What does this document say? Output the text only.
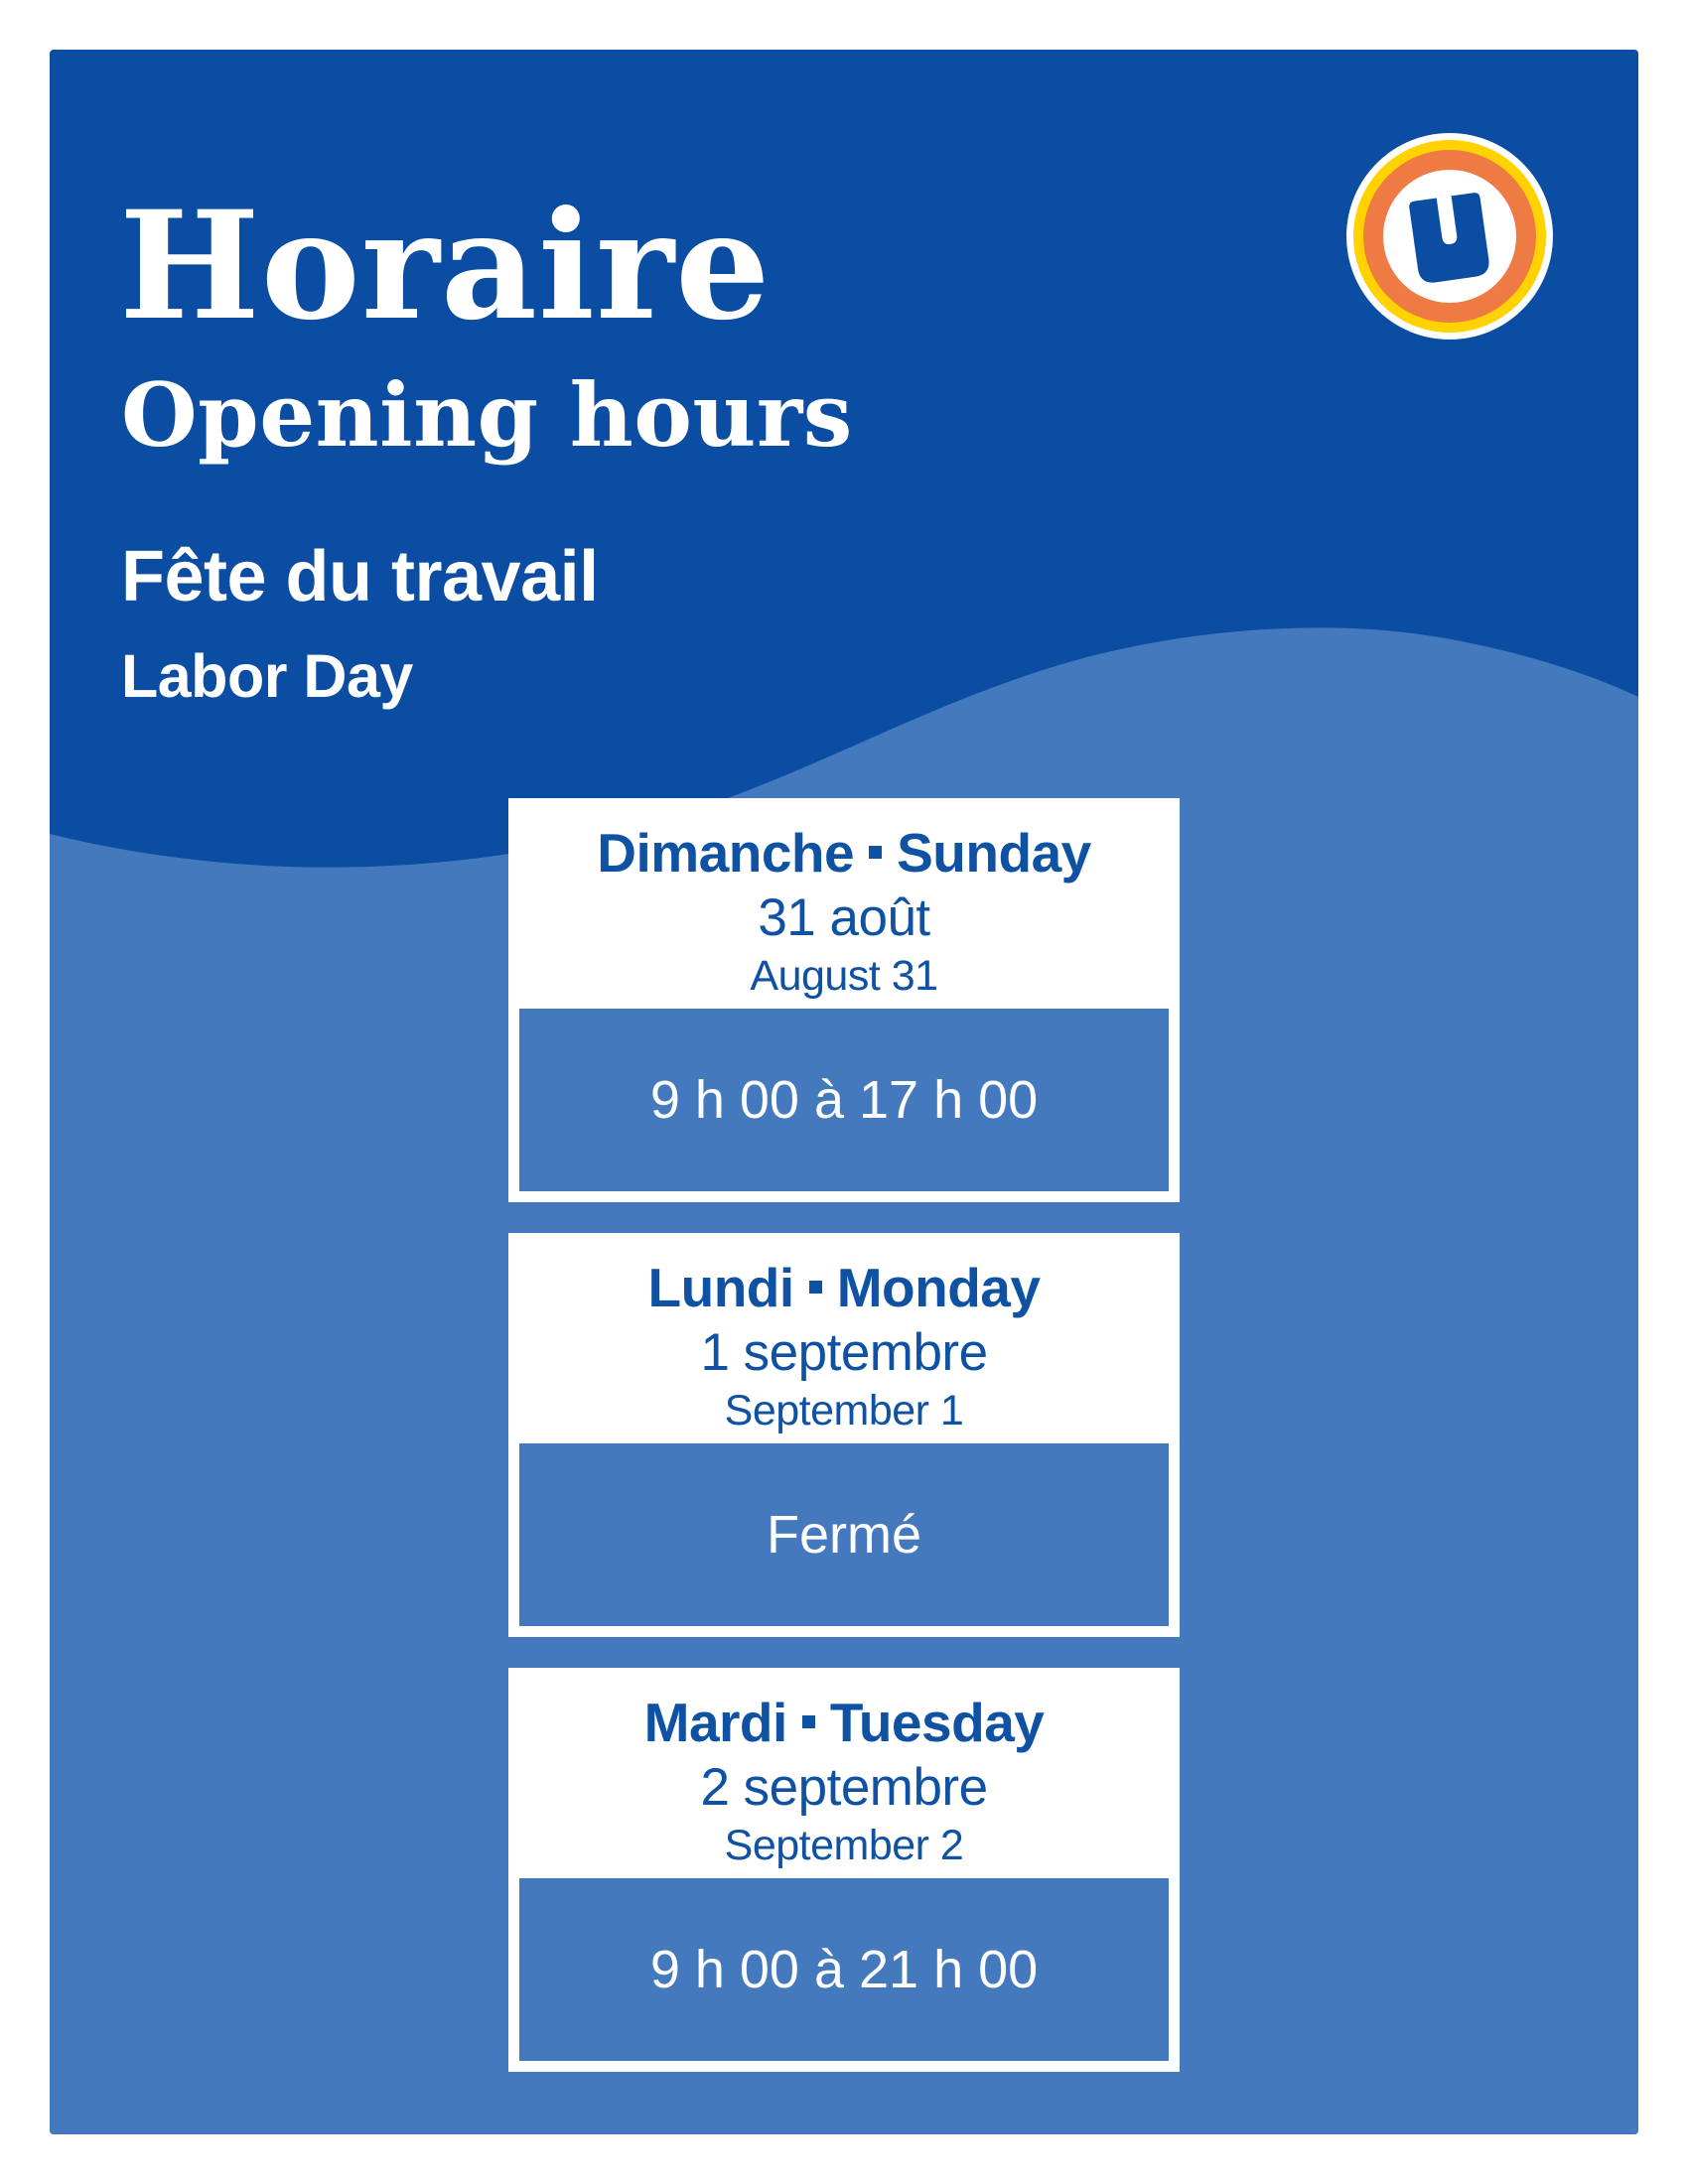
Horaire
Opening hours
Fête du travail
Labor Day
Dimanche Sunday
31 août
August 31
9 h 00 à 17 h 00
Lundi Monday
1 septembre
September 1
Fermé
Mardi Tuesday
2 septembre
September 2
9 h 00 à 21 h 00
